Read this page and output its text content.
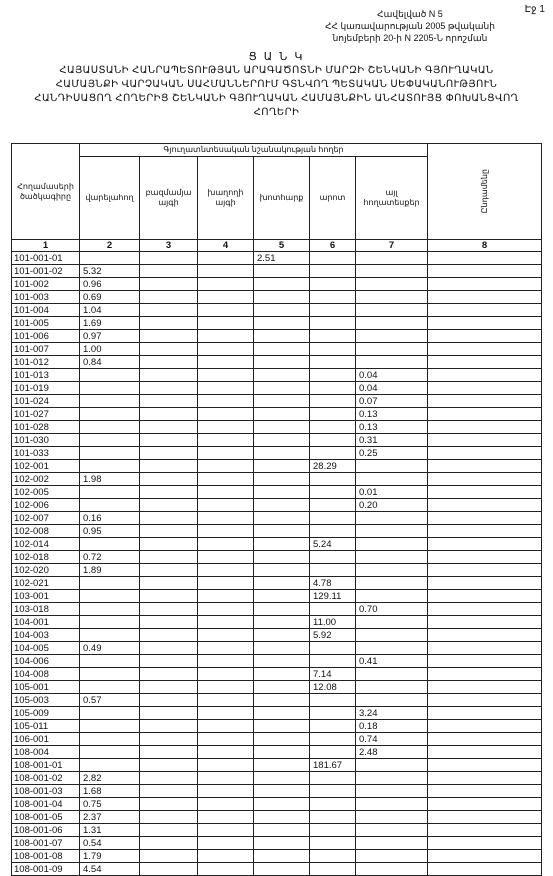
Էջ 1
Հավելված N 5
ՀՀ կառավարության 2005 թվականի
նոյեմբերի 20-ի N 2205-Ն որոշման
Ց Ա Ն Կ
ՀԱՅԱՍՏԱՆԻ ՀԱՆՐԱՊԵՏՈՒԹՅԱՆ ԱՐԱԳԱԾՈՏՆԻ ՄԱՐԶԻ ՇԵՆԿԱՆԻ ԳՅՈՒՂԱԿԱՆ
ՀԱՄԱՅՆՔԻ ՎԱՐՉԱԿԱՆ ՍԱՀՄԱՆՆԵՐՈՒՄ ԳՏՆՎՈՂ ՊԵՏԱԿԱՆ ՍԵՓԱԿԱՆՈՒԹՅՈՒՆ
ՀԱՆԴԻՍԱՑՈՂ ՀՈՂԵՐԻՑ ՇԵՆԿԱՆԻ ԳՅՈՒՂԱԿԱՆ ՀԱՄԱՅՆՔԻՆ ԱՆՀԱՏՈՒՅՑ ՓՈԽԱՆՑՎՈՂ
ՀՈՂԵՐԻ
Հողամասերի ծածկագիրը	Գյուղատնտեսական նշանակության հողեր						Ընդամենը

	վարելահող	բազմամյա այգի	խաղողի այգի	խոտհարք	արոտ	այլ հողատեսքեր	
1	2	3	4	5	6	7	8
101-001-01				2.51			
101-001-02	5.32						
101-002	0.96						
101-003	0.69						
101-004	1.04						
101-005	1.69						
101-006	0.97						
101-007	1.00						
101-012	0.84						
101-013						0.04	
101-019						0.04	
101-024						0.07	
101-027						0.13	
101-028						0.13	
101-030						0.31	
101-033						0.25	
102-001					28.29		
102-002	1.98						
102-005						0.01	
102-006						0.20	
102-007	0.16						
102-008	0.95						
102-014					5.24		
102-018	0.72						
102-020	1.89						
102-021					4.78		
103-001					129.11		
103-018						0.70	
104-001					11.00		
104-003					5.92		
104-005	0.49						
104-006						0.41	
104-008					7.14		
105-001					12.08		
105-003	0.57						
105-009						3.24	
105-011						0.18	
106-001						0.74	
108-004						2.48	
108-001-01					181.67		
108-001-02	2.82						
108-001-03	1.68						
108-001-04	0.75						
108-001-05	2.37						
108-001-06	1.31						
108-001-07	0.54						
108-001-08	1.79						
108-001-09	4.54						
